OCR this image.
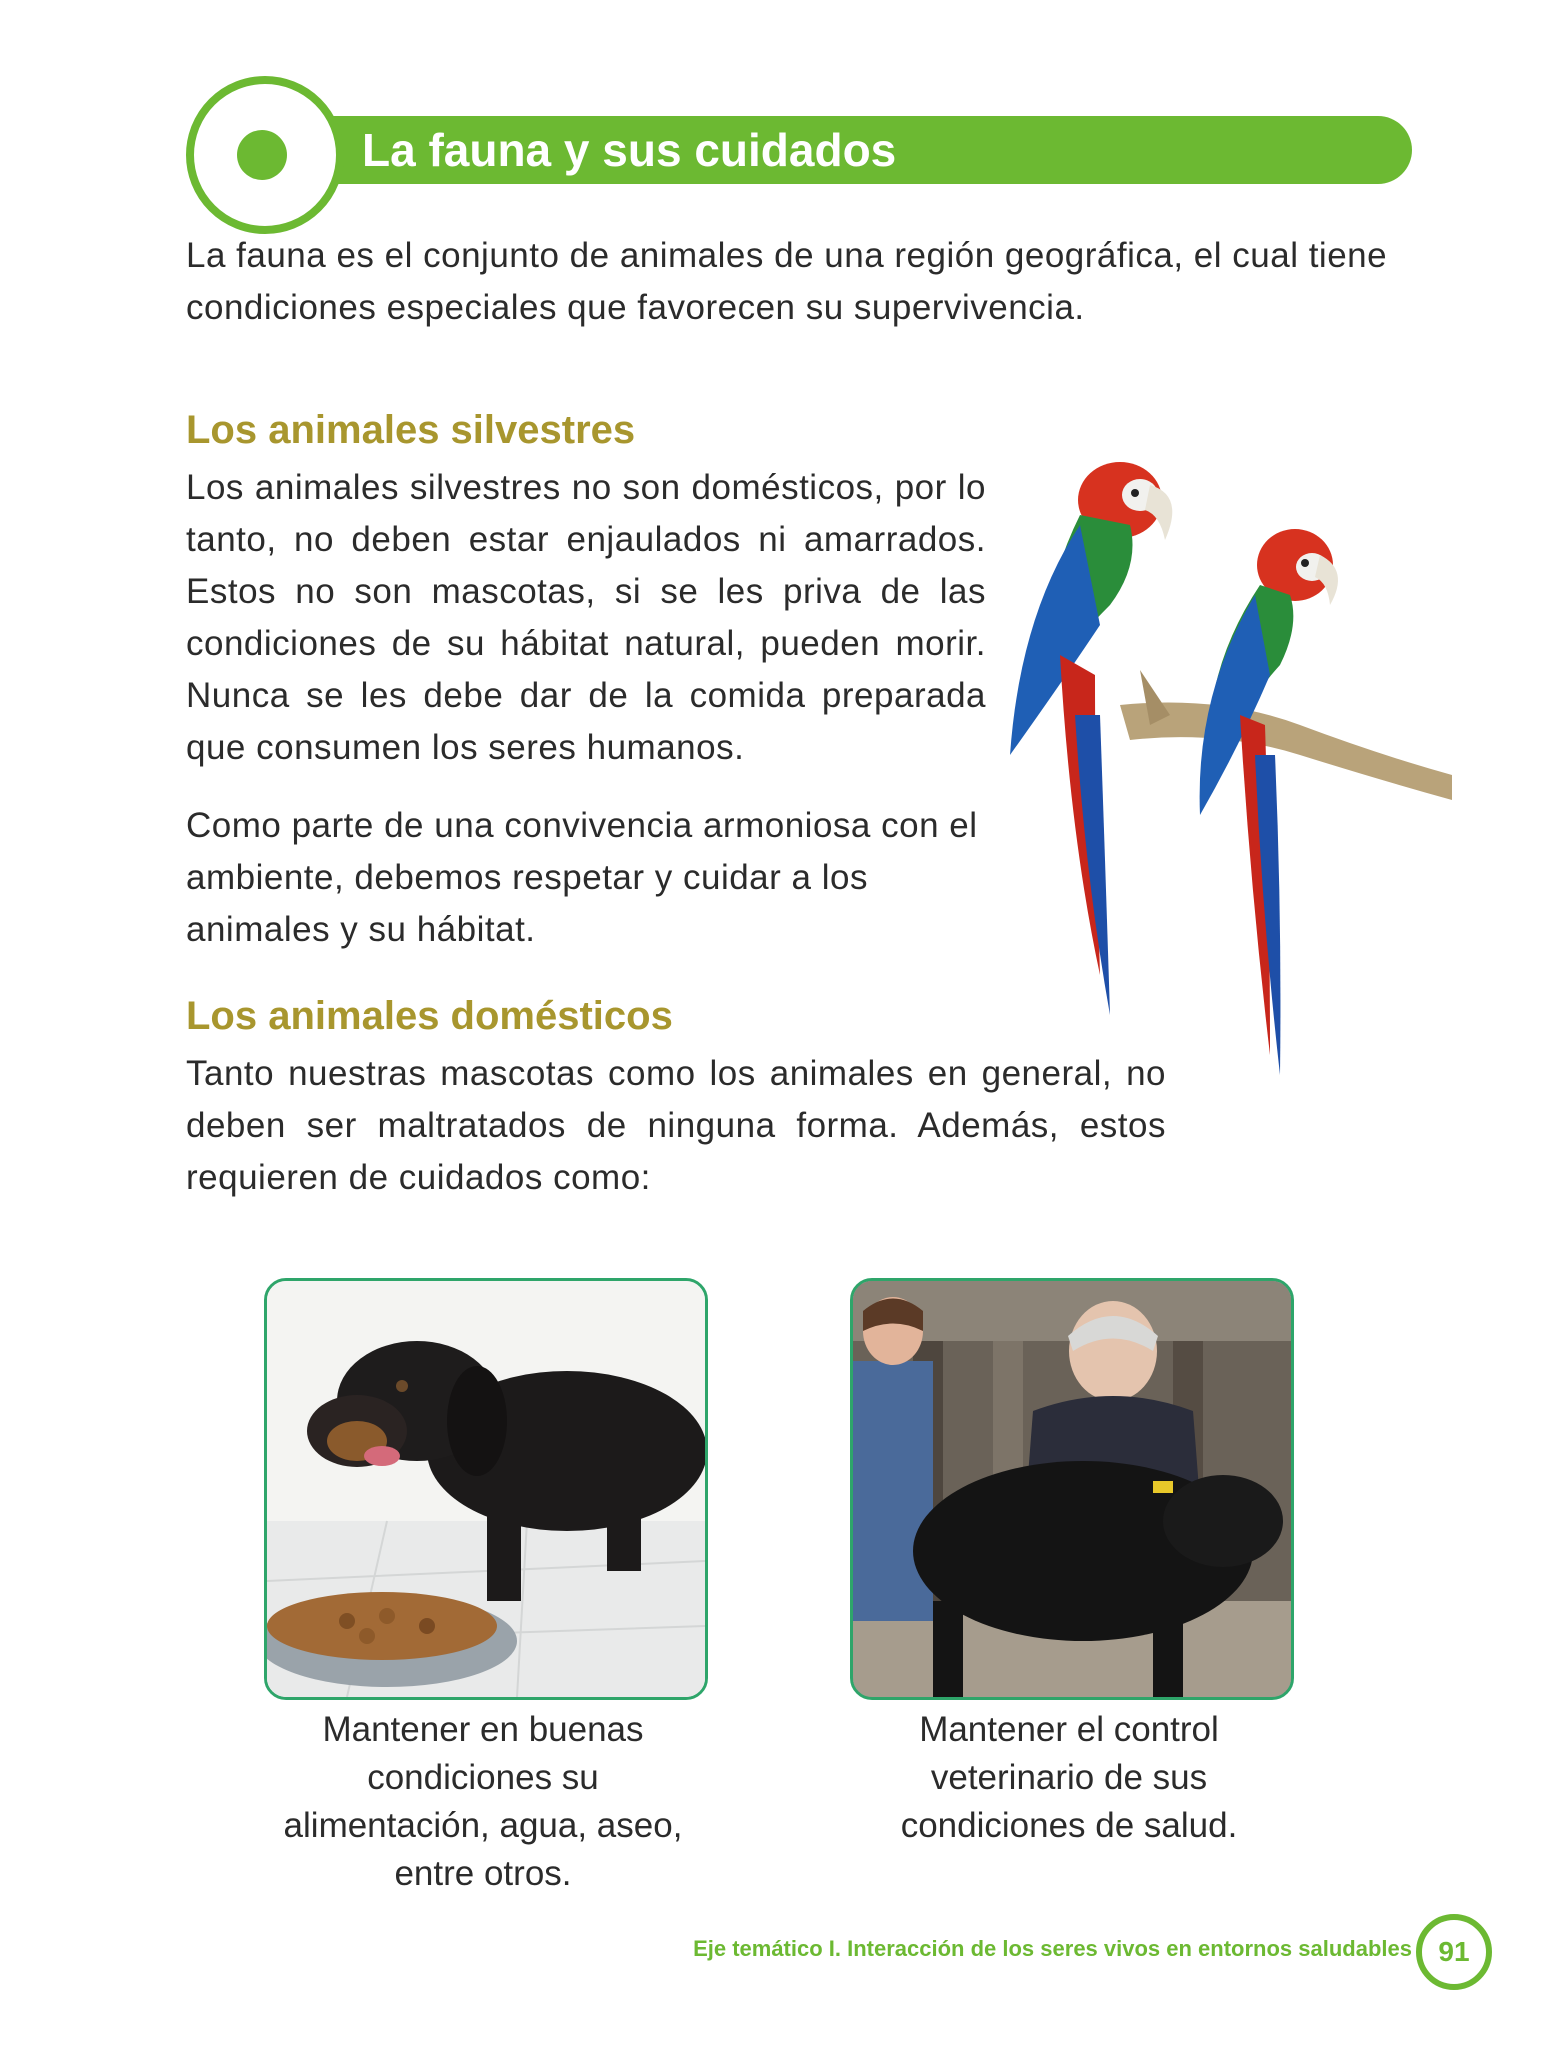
La fauna y sus cuidados
La fauna es el conjunto de animales de una región geográfica, el cual tiene condiciones especiales que favorecen su supervivencia.
Los animales silvestres
Los animales silvestres no son domésticos, por lo tanto, no deben estar enjaulados ni amarrados. Estos no son mascotas, si se les priva de las condiciones de su hábitat natural, pueden morir. Nunca se les debe dar de la comida preparada que consumen los seres humanos.
Como parte de una convivencia armoniosa con el ambiente, debemos respetar y cuidar a los animales y su hábitat.
Los animales domésticos
Tanto nuestras mascotas como los animales en general, no deben ser maltratados de ninguna forma. Además, estos requieren de cuidados como:
Mantener en buenas condiciones su alimentación, agua, aseo, entre otros.
Mantener el control veterinario de sus condiciones de salud.
Eje temático I. Interacción de los seres vivos en entornos saludables 91
